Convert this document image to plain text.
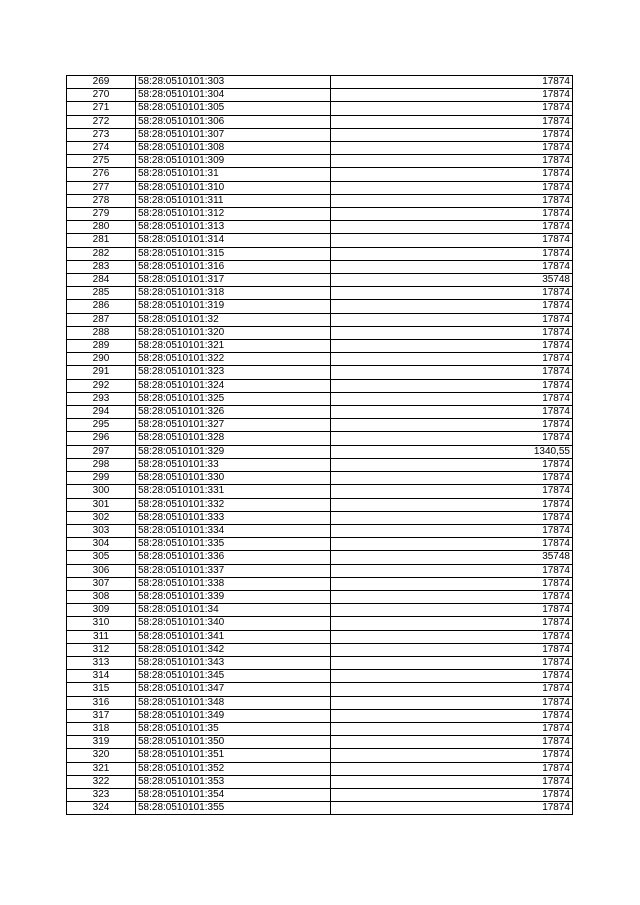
269	58:28:0510101:303	17874
270	58:28:0510101:304	17874
271	58:28:0510101:305	17874
272	58:28:0510101:306	17874
273	58:28:0510101:307	17874
274	58:28:0510101:308	17874
275	58:28:0510101:309	17874
276	58:28:0510101:31	17874
277	58:28:0510101:310	17874
278	58:28:0510101:311	17874
279	58:28:0510101:312	17874
280	58:28:0510101:313	17874
281	58:28:0510101:314	17874
282	58:28:0510101:315	17874
283	58:28:0510101:316	17874
284	58:28:0510101:317	35748
285	58:28:0510101:318	17874
286	58:28:0510101:319	17874
287	58:28:0510101:32	17874
288	58:28:0510101:320	17874
289	58:28:0510101:321	17874
290	58:28:0510101:322	17874
291	58:28:0510101:323	17874
292	58:28:0510101:324	17874
293	58:28:0510101:325	17874
294	58:28:0510101:326	17874
295	58:28:0510101:327	17874
296	58:28:0510101:328	17874
297	58:28:0510101:329	1340,55
298	58:28:0510101:33	17874
299	58:28:0510101:330	17874
300	58:28:0510101:331	17874
301	58:28:0510101:332	17874
302	58:28:0510101:333	17874
303	58:28:0510101:334	17874
304	58:28:0510101:335	17874
305	58:28:0510101:336	35748
306	58:28:0510101:337	17874
307	58:28:0510101:338	17874
308	58:28:0510101:339	17874
309	58:28:0510101:34	17874
310	58:28:0510101:340	17874
311	58:28:0510101:341	17874
312	58:28:0510101:342	17874
313	58:28:0510101:343	17874
314	58:28:0510101:345	17874
315	58:28:0510101:347	17874
316	58:28:0510101:348	17874
317	58:28:0510101:349	17874
318	58:28:0510101:35	17874
319	58:28:0510101:350	17874
320	58:28:0510101:351	17874
321	58:28:0510101:352	17874
322	58:28:0510101:353	17874
323	58:28:0510101:354	17874
324	58:28:0510101:355	17874
